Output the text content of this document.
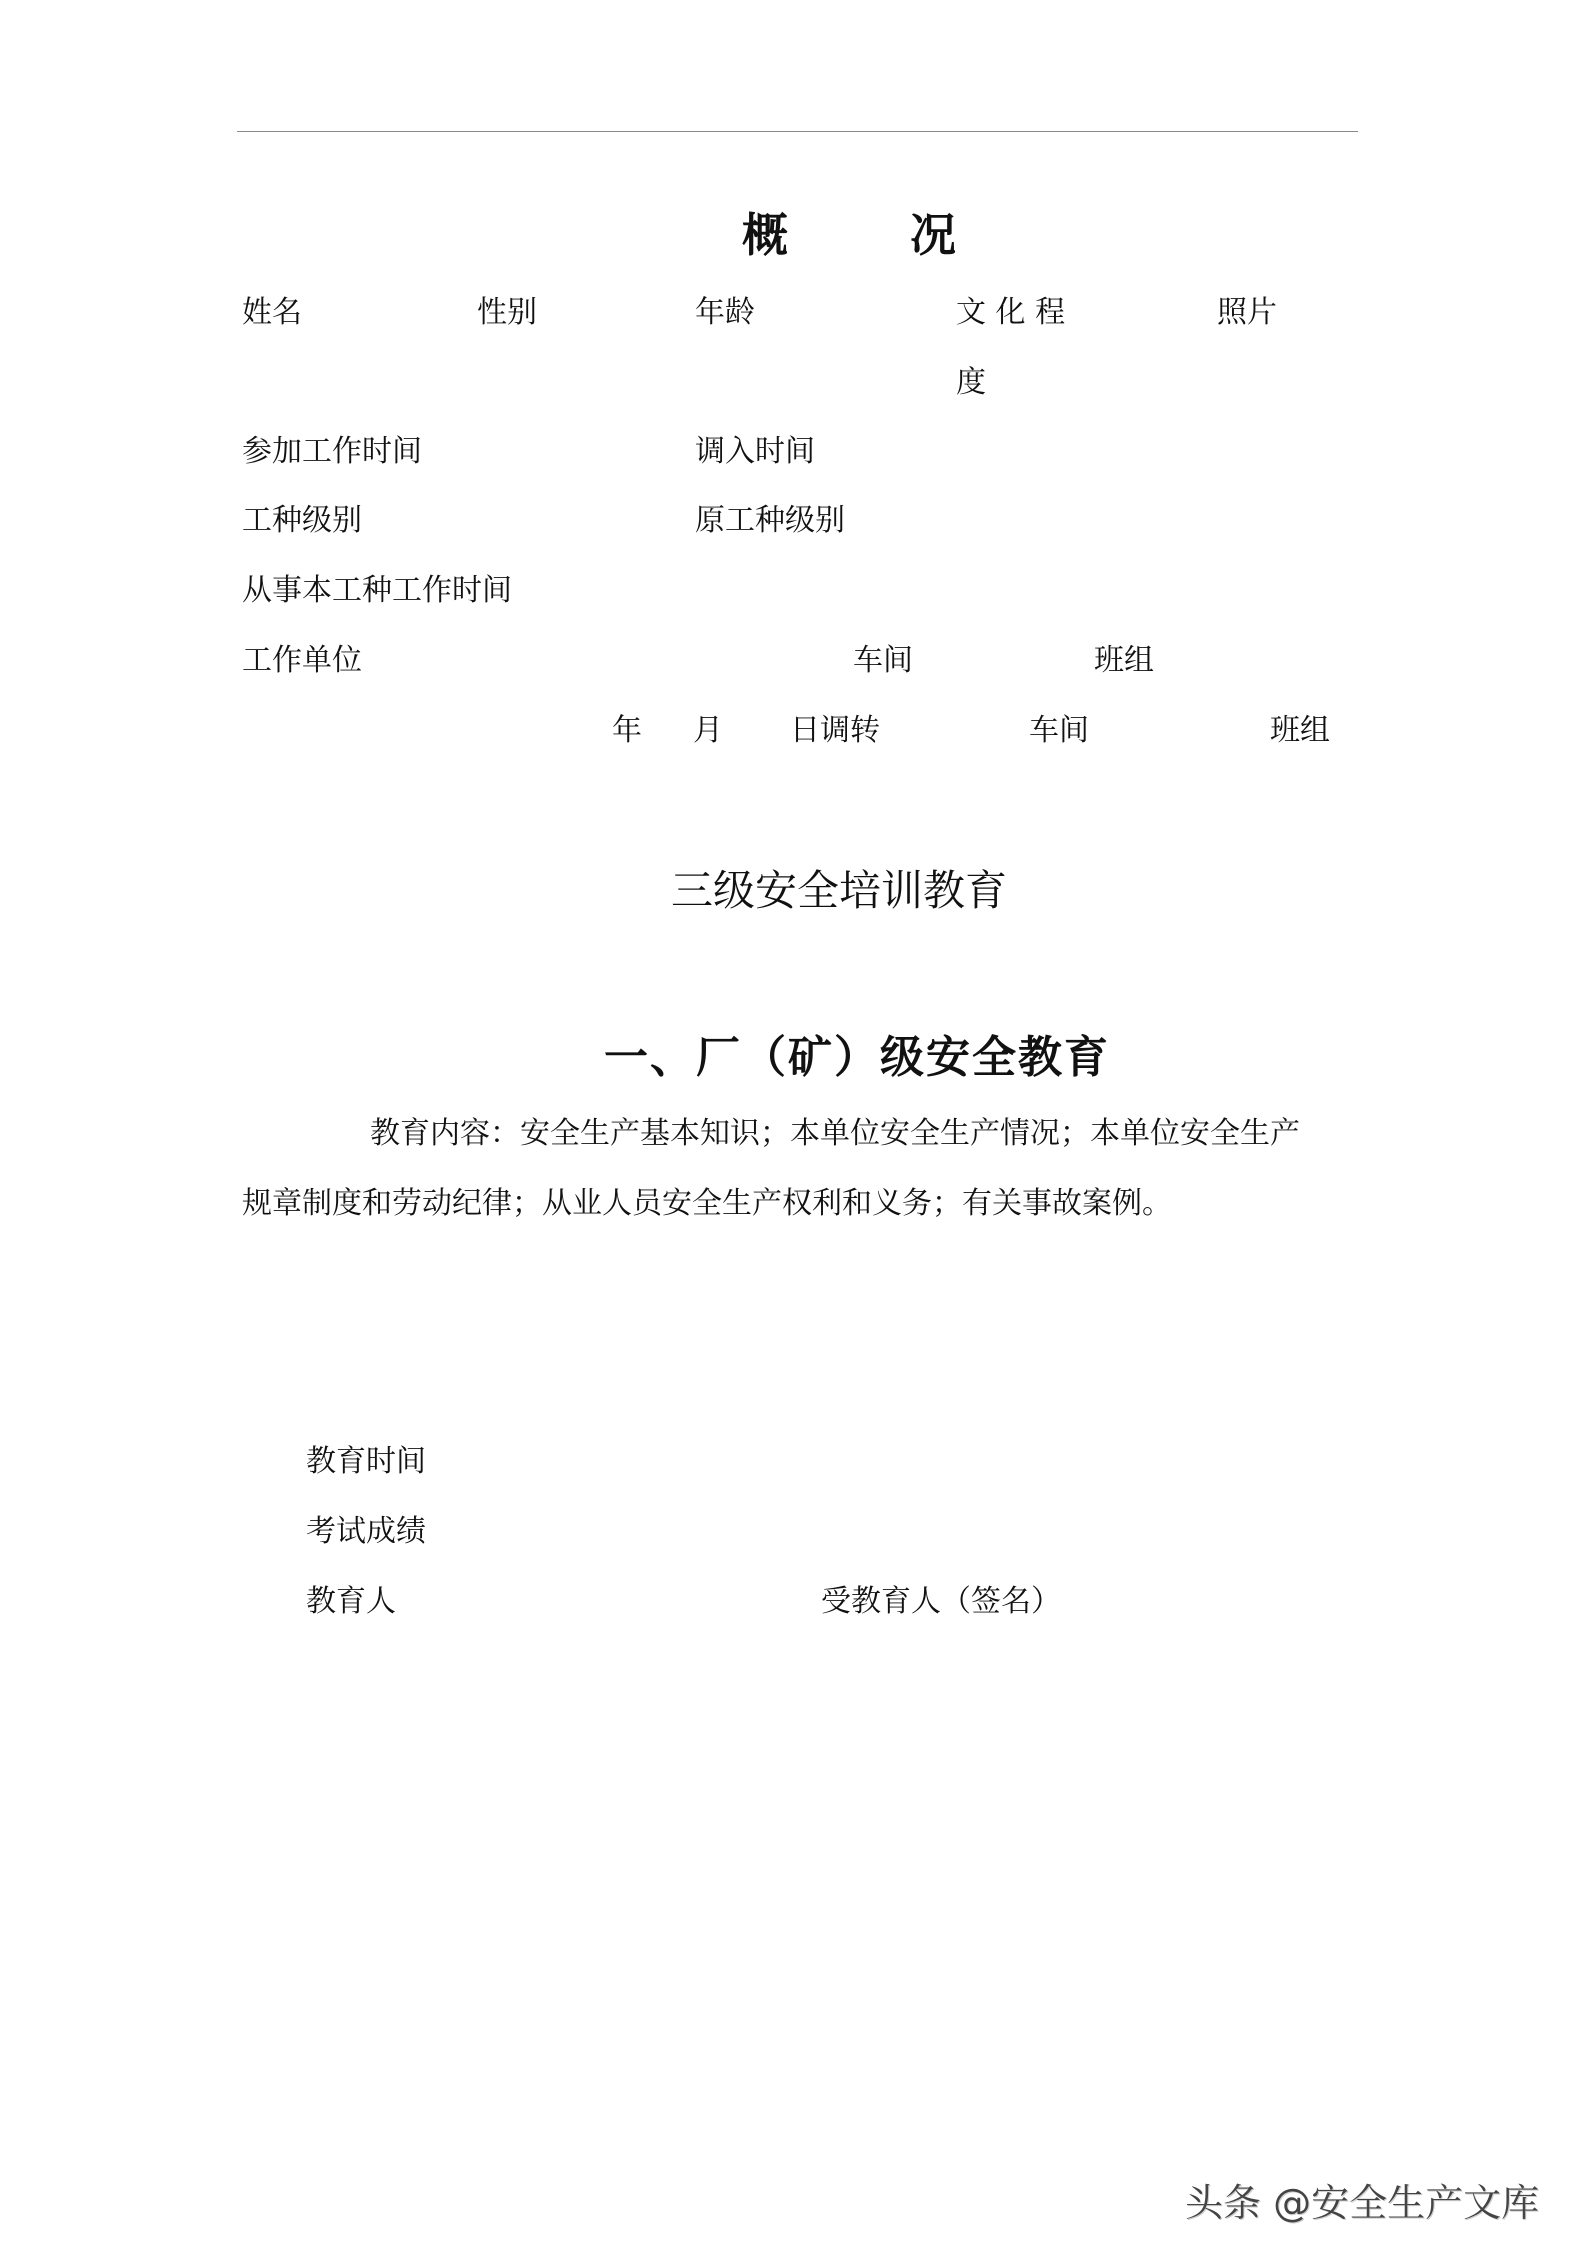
概	况
姓名	性别	年龄	文 化 程	照片
度
参加工作时间	调入时间
工种级别	原工种级别
从事本工种工作时间
工作单位	车间	班组
年 月 日调转	车间	班组
三级安全培训教育
一、厂（矿）级安全教育
教育内容：安全生产基本知识；本单位安全生产情况；本单位安全生产
规章制度和劳动纪律；从业人员安全生产权利和义务；有关事故案例。
教育时间
考试成绩
教育人	受教育人（签名）
头条 @安全生产文库
